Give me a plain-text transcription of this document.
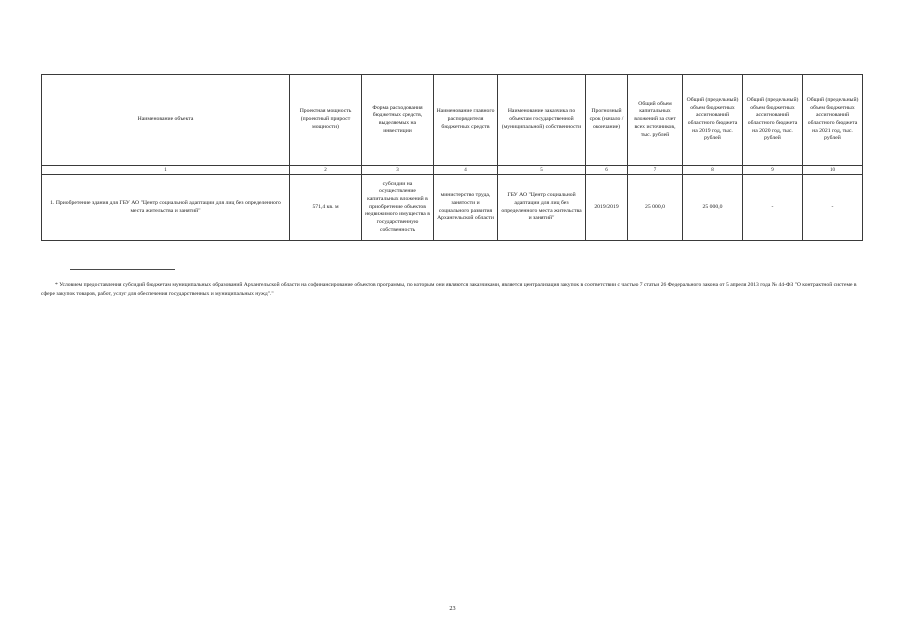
Наименование объекта	Проектная мощность (проектный прирост мощности)	Форма расходования бюджетных средств, выделяемых на инвестиции	Наименование главного распорядителя бюджетных средств	Наименование заказчика по объектам государственной (муниципальной) собственности	Прогнозный срок (начало / окончание)	Общий объем капитальных вложений за счет всех источников, тыс. рублей	Общий (предельный) объем бюджетных ассигнований областного бюджета на 2019 год, тыс. рублей	Общий (предельный) объем бюджетных ассигнований областного бюджета на 2020 год, тыс. рублей	Общий (предельный) объем бюджетных ассигнований областного бюджета на 2021 год, тыс. рублей
1	2	3	4	5	6	7	8	9	10
1. Приобретение здания для ГБУ АО "Центр социальной адаптации для лиц без определенного места жительства и занятий"	571,4 кв. м	субсидии на осуществление капитальных вложений в приобретение объектов недвижимого имущества в государственную собственность	министерство труда, занятости и социального развития Архангельской области	ГБУ АО "Центр социальной адаптации для лиц без определенного места жительства и занятий"	2019/2019	25 000,0	25 000,0	-	-
* Условием предоставления субсидий бюджетам муниципальных образований Архангельской области на софинансирование объектов программы, по которым они являются заказчиками, является централизация закупок в соответствии с частью 7 статьи 26 Федерального закона от 5 апреля 2013 года № 44-ФЗ "О контрактной системе в сфере закупок товаров, работ, услуг для обеспечения государственных и муниципальных нужд"."
23
